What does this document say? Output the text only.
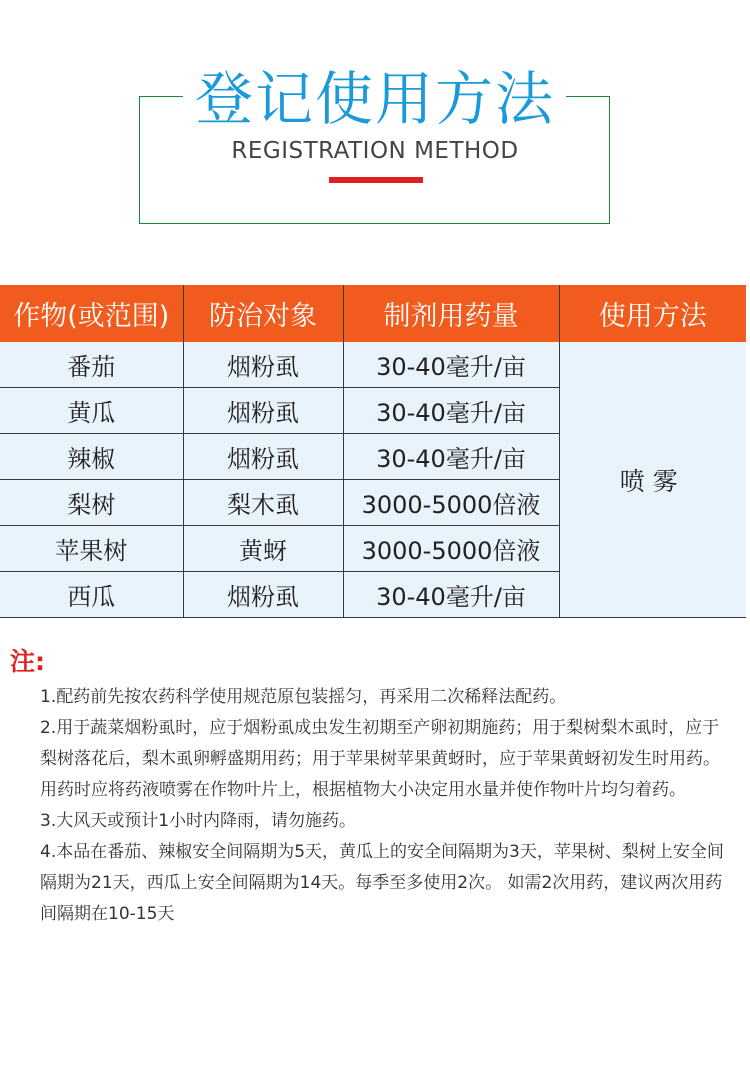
登记使用方法
REGISTRATION METHOD
作物(或范围)	防治对象	制剂用药量	使用方法
番茄	烟粉虱	30-40毫升/亩	喷雾
黄瓜	烟粉虱	30-40毫升/亩	
辣椒	烟粉虱	30-40毫升/亩	
梨树	梨木虱	3000-5000倍液	
苹果树	黄蚜	3000-5000倍液	
西瓜	烟粉虱	30-40毫升/亩	
注:

1.配药前先按农药科学使用规范原包装摇匀，再采用二次稀释法配药。

2.用于蔬菜烟粉虱时，应于烟粉虱成虫发生初期至产卵初期施药；用于梨树梨木虱时，应于梨树落花后，梨木虱卵孵盛期用药；用于苹果树苹果黄蚜时，应于苹果黄蚜初发生时用药。用药时应将药液喷雾在作物叶片上，根据植物大小决定用水量并使作物叶片均匀着药。

3.大风天或预计1小时内降雨，请勿施药。

4.本品在番茄、辣椒安全间隔期为5天，黄瓜上的安全间隔期为3天，苹果树、梨树上安全间隔期为21天，西瓜上安全间隔期为14天。每季至多使用2次。 如需2次用药，建议两次用药间隔期在10-15天
